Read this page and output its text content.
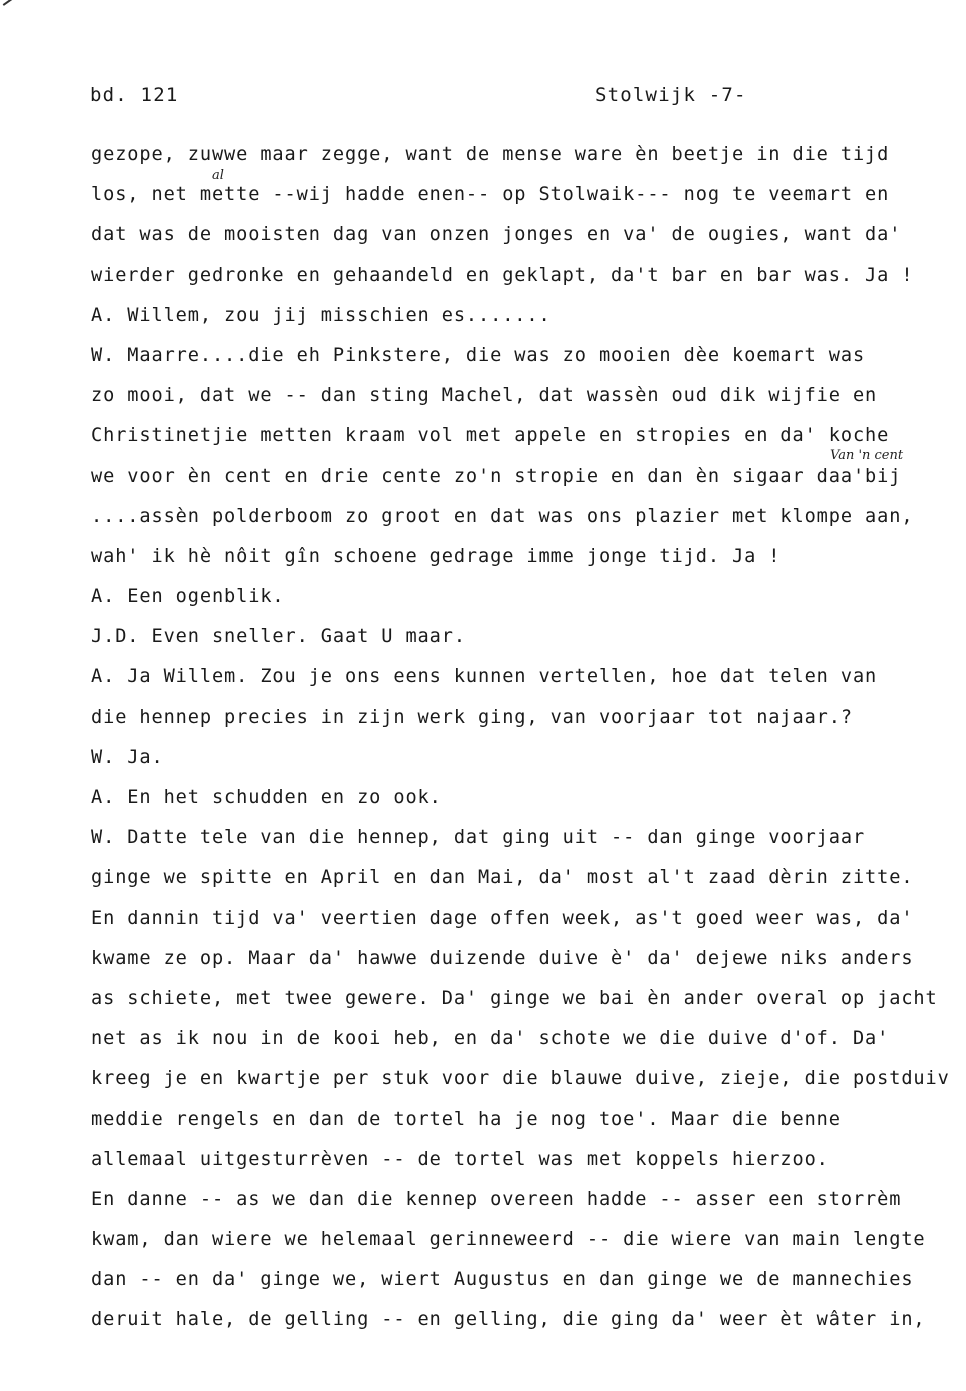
bd. 121	Stolwijk -7-
al
Van 'n cent
gezope, zuwwe maar zegge, want de mense ware èn beetje in die tijd
los, net mette --wij hadde enen-- op Stolwaik--- nog te veemart en
dat was de mooisten dag van onzen jonges en va' de ougies, want da'
wierder gedronke en gehaandeld en geklapt, da't bar en bar was. Ja !
A. Willem, zou jij misschien es.......
W. Maarre....die eh Pinkstere, die was zo mooien dèe koemart was
zo mooi, dat we -- dan sting Machel, dat wassèn oud dik wijfie en
Christinetjie metten kraam vol met appele en stropies en da' koche
we voor èn cent en drie cente zo'n stropie en dan èn sigaar daa'bij
....assèn polderboom zo groot en dat was ons plazier met klompe aan,
wah' ik hè nôit gîn schoene gedrage imme jonge tijd. Ja !
A. Een ogenblik.
J.D. Even sneller. Gaat U maar.
A. Ja Willem. Zou je ons eens kunnen vertellen, hoe dat telen van
die hennep precies in zijn werk ging, van voorjaar tot najaar.?
W. Ja.
A. En het schudden en zo ook.
W. Datte tele van die hennep, dat ging uit -- dan ginge voorjaar
ginge we spitte en April en dan Mai, da' most al't zaad dèrin zitte.
En dannin tijd va' veertien dage offen week, as't goed weer was, da'
kwame ze op. Maar da' hawwe duizende duive è' da' dejewe niks anders
as schiete, met twee gewere. Da' ginge we bai èn ander overal op jacht
net as ik nou in de kooi heb, en da' schote we die duive d'of. Da'
kreeg je en kwartje per stuk voor die blauwe duive, zieje, die postduiv
meddie rengels en dan de tortel ha je nog toe'. Maar die benne
allemaal uitgesturrèven -- de tortel was met koppels hierzoo.
En danne -- as we dan die kennep overeen hadde -- asser een storrèm
kwam, dan wiere we helemaal gerinneweerd -- die wiere van main lengte
dan -- en da' ginge we, wiert Augustus en dan ginge we de mannechies
deruit hale, de gelling -- en gelling, die ging da' weer èt wâter in,
